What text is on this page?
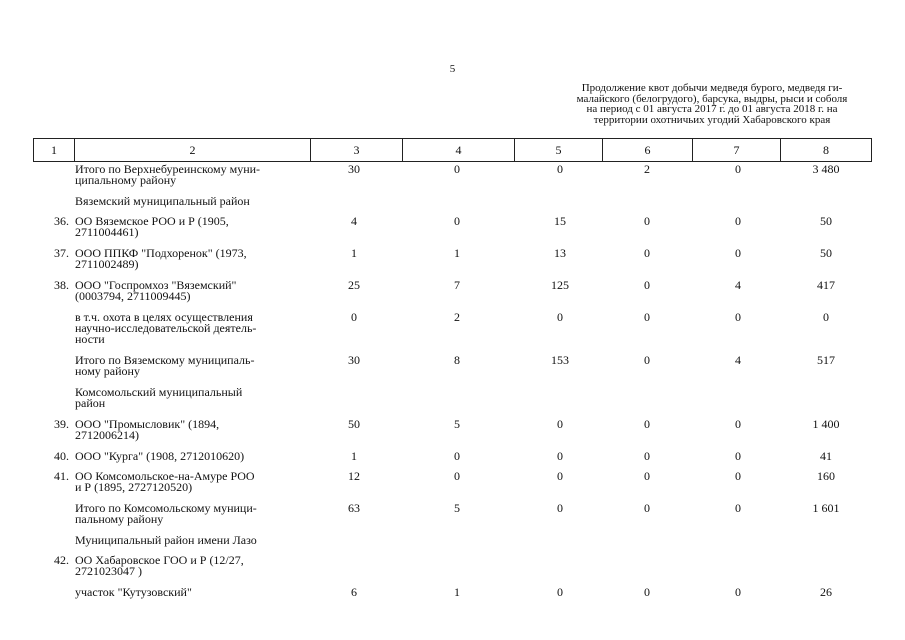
5
Продолжение квот добычи медведя бурого, медведя ги-
малайского (белогрудого), барсука, выдры, рыси и соболя
на период с 01 августа 2017 г. до 01 августа 2018 г. на
территории охотничьих угодий Хабаровского края
1	2	3	4	5	6	7	8
Итого по Верхнебуреинскому муни-
ципальному району
30	0	0	2	0	3 480
Вяземский муниципальный район
36. ОО Вяземское РОО и Р (1905,
2711004461)
4	0	15	0	0	50
37. ООО ППКФ "Подхоренок" (1973,
2711002489)
1	1	13	0	0	50
38. ООО "Госпромхоз "Вяземский"
(0003794, 2711009445)
25	7	125	0	4	417
в т.ч. охота в целях осуществления
научно-исследовательской деятель-
ности
0	2	0	0	0	0
Итого по Вяземскому муниципаль-
ному району
30	8	153	0	4	517
Комсомольский муниципальный
район
39. ООО "Промысловик" (1894,
2712006214)
50	5	0	0	0	1 400
40. ООО "Курга" (1908, 2712010620)	1	0	0	0	0	41
41. ОО Комсомольское-на-Амуре РОО
и Р (1895, 2727120520)
12	0	0	0	0	160
Итого по Комсомольскому муници-
пальному району
63	5	0	0	0	1 601
Муниципальный район имени Лазо
42. ОО Хабаровское ГОО и Р (12/27,
2721023047 )
участок "Кутузовский"	6	1	0	0	0	26
